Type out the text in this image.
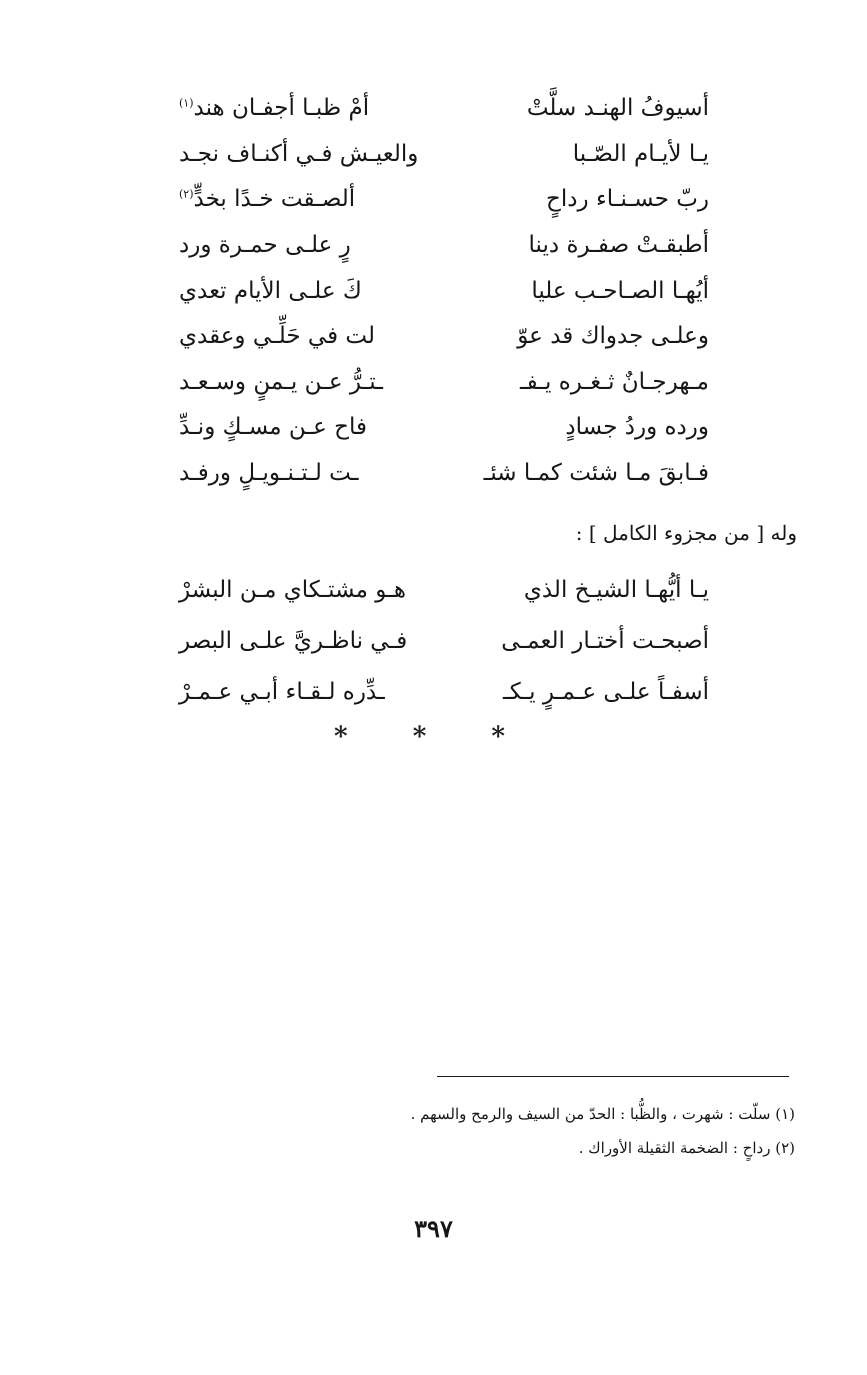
أسيوفُ الهنـد سلَّتْ
أمْ ظبـا أجفـان هند$^{(١)}$
يـا لأيـام الصّـبا
والعيـش فـي أكنـاف نجـد
ربّ حسـنـاء رداحٍ
ألصـقت خـدًا بخدٍّ$^{(٢)}$
أطبقـتْ صفـرة دينا
رٍ علـى حمـرة ورد
أيُهـا الصـاحـب عليا
كَ علـى الأيام تعدي
وعلـى جدواك قد عوّ
لت في حَلِّـي وعقدي
مـهرجـانٌ ثـغـره يـفـ
ـتـرُّ عـن يـمنٍ وسـعـد
ورده وردُ جسادٍ
فاح عـن مسـكٍ ونـدِّ
فـابقَ مـا شئت كمـا شئـ
ـت لـتـنـويـلٍ ورفـد
وله [ من مجزوء الكامل ] :
يـا أيُّهـا الشيـخ الذي
هـو مشتـكاي مـن البشرْ
أصبحـت أختـار العمـى
فـي ناظـريَّ علـى البصر
أسفـاً علـى عـمـرٍ يـكـ
ـدِّره لـقـاء أبـي عـمـرْ
* * *
(١) سلّت : شهرت ، والظُّبا : الحدّ من السيف والرمح والسهم .
(٢) رداحٍ : الضخمة الثقيلة الأوراك .
٣٩٧
